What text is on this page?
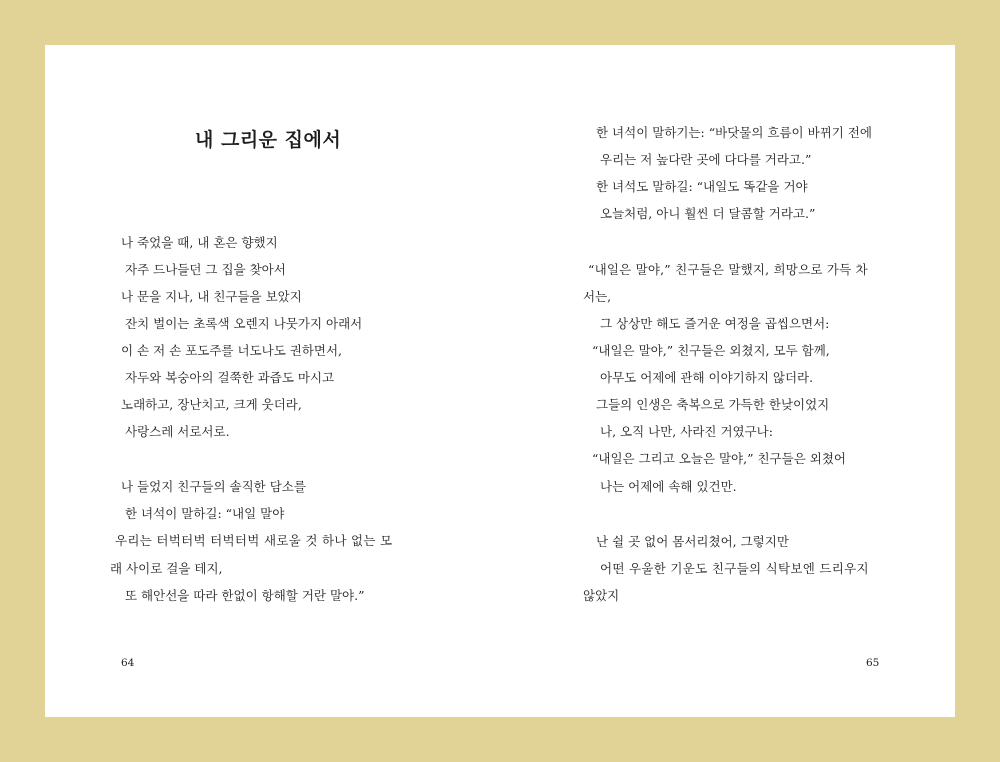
내 그리운 집에서
나 죽었을 때, 내 혼은 향했지
자주 드나들던 그 집을 찾아서
나 문을 지나, 내 친구들을 보았지
잔치 벌이는 초록색 오렌지 나뭇가지 아래서
이 손 저 손 포도주를 너도나도 권하면서,
자두와 복숭아의 걸쭉한 과즙도 마시고
노래하고, 장난치고, 크게 웃더라,
사랑스레 서로서로.
나 들었지 친구들의 솔직한 담소를
한 녀석이 말하길: “내일 말야
우리는 터벅터벅 터벅터벅 새로울 것 하나 없는 모
래 사이로 걸을 테지,
또 해안선을 따라 한없이 항해할 거란 말야.”
64
한 녀석이 말하기는: “바닷물의 흐름이 바뀌기 전에
우리는 저 높다란 곳에 다다를 거라고.”
한 녀석도 말하길: “내일도 똑같을 거야
오늘처럼, 아니 훨씬 더 달콤할 거라고.”
“내일은 말야,” 친구들은 말했지, 희망으로 가득 차
서는,
그 상상만 해도 즐거운 여정을 곱씹으면서:
“내일은 말야,” 친구들은 외쳤지, 모두 함께,
아무도 어제에 관해 이야기하지 않더라.
그들의 인생은 축복으로 가득한 한낮이었지
나, 오직 나만, 사라진 거였구나:
“내일은 그리고 오늘은 말야,” 친구들은 외쳤어
나는 어제에 속해 있건만.
난 쉴 곳 없어 몸서리쳤어, 그렇지만
어떤 우울한 기운도 친구들의 식탁보엔 드리우지
않았지
65
